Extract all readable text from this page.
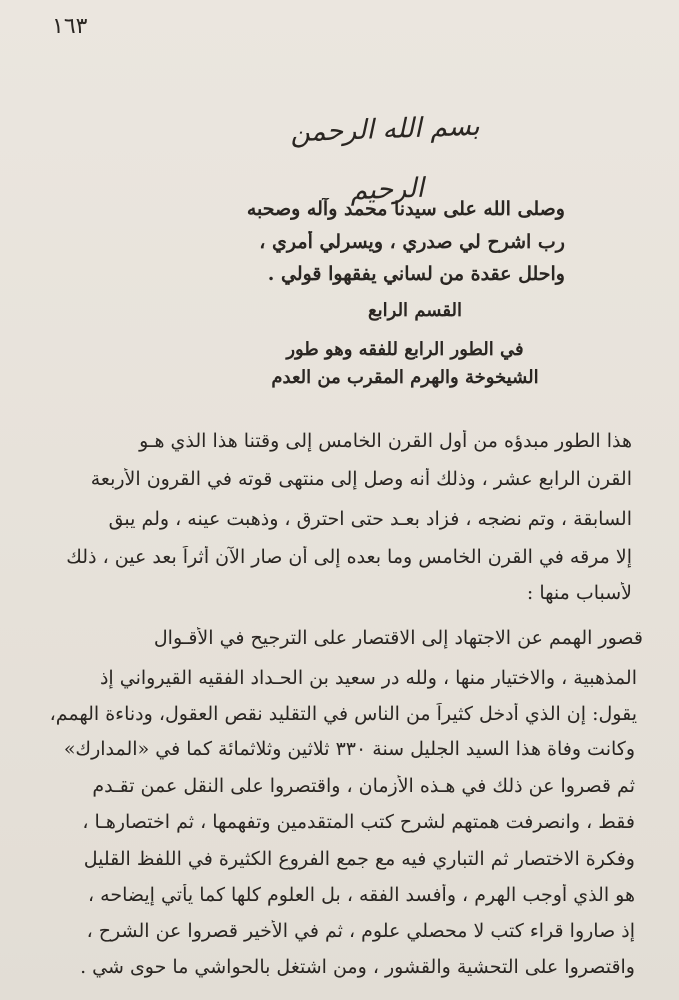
١٦٣
بسم الله الرحمن الرحيم
وصلى الله على سيدنا محمد وآله وصحبه
رب اشرح لي صدري ، ويسرلي أمري ،
واحلل عقدة من لساني يفقهوا قولي .
القسم الرابع
في الطور الرابع للفقه وهو طور
الشيخوخة والهرم المقرب من العدم
هذا الطور مبدؤه من أول القرن الخامس إلى وقتنا هذا الذي هـو
القرن الرابع عشر ، وذلك أنه وصل إلى منتهى قوته في القرون الأربعة
السابقة ، وتم نضجه ، فزاد بعـد حتى احترق ، وذهبت عينه ، ولم يبق
إلا مرقه في القرن الخامس وما بعده إلى أن صار الآن أثراً بعد عين ، ذلك
لأسباب منها :
قصور الهمم عن الاجتهاد إلى الاقتصار على الترجيح في الأقـوال
المذهبية ، والاختيار منها ، ولله در سعيد بن الحـداد الفقيه القيرواني إذ
يقول: إن الذي أدخل كثيراً من الناس في التقليد نقص العقول، ودناءة الهمم،
وكانت وفاة هذا السيد الجليل سنة ٣٣٠ ثلاثين وثلاثمائة كما في «المدارك»
ثم قصروا عن ذلك في هـذه الأزمان ، واقتصروا على النقل عمن تقـدم
فقط ، وانصرفت همتهم لشرح كتب المتقدمين وتفهمها ، ثم اختصارهـا ،
وفكرة الاختصار ثم التباري فيه مع جمع الفروع الكثيرة في اللفظ القليل
هو الذي أوجب الهرم ، وأفسد الفقه ، بل العلوم كلها كما يأتي إيضاحه ،
إذ صاروا قراء كتب لا محصلي علوم ، ثم في الأخير قصروا عن الشرح ،
واقتصروا على التحشية والقشور ، ومن اشتغل بالحواشي ما حوى شي .
